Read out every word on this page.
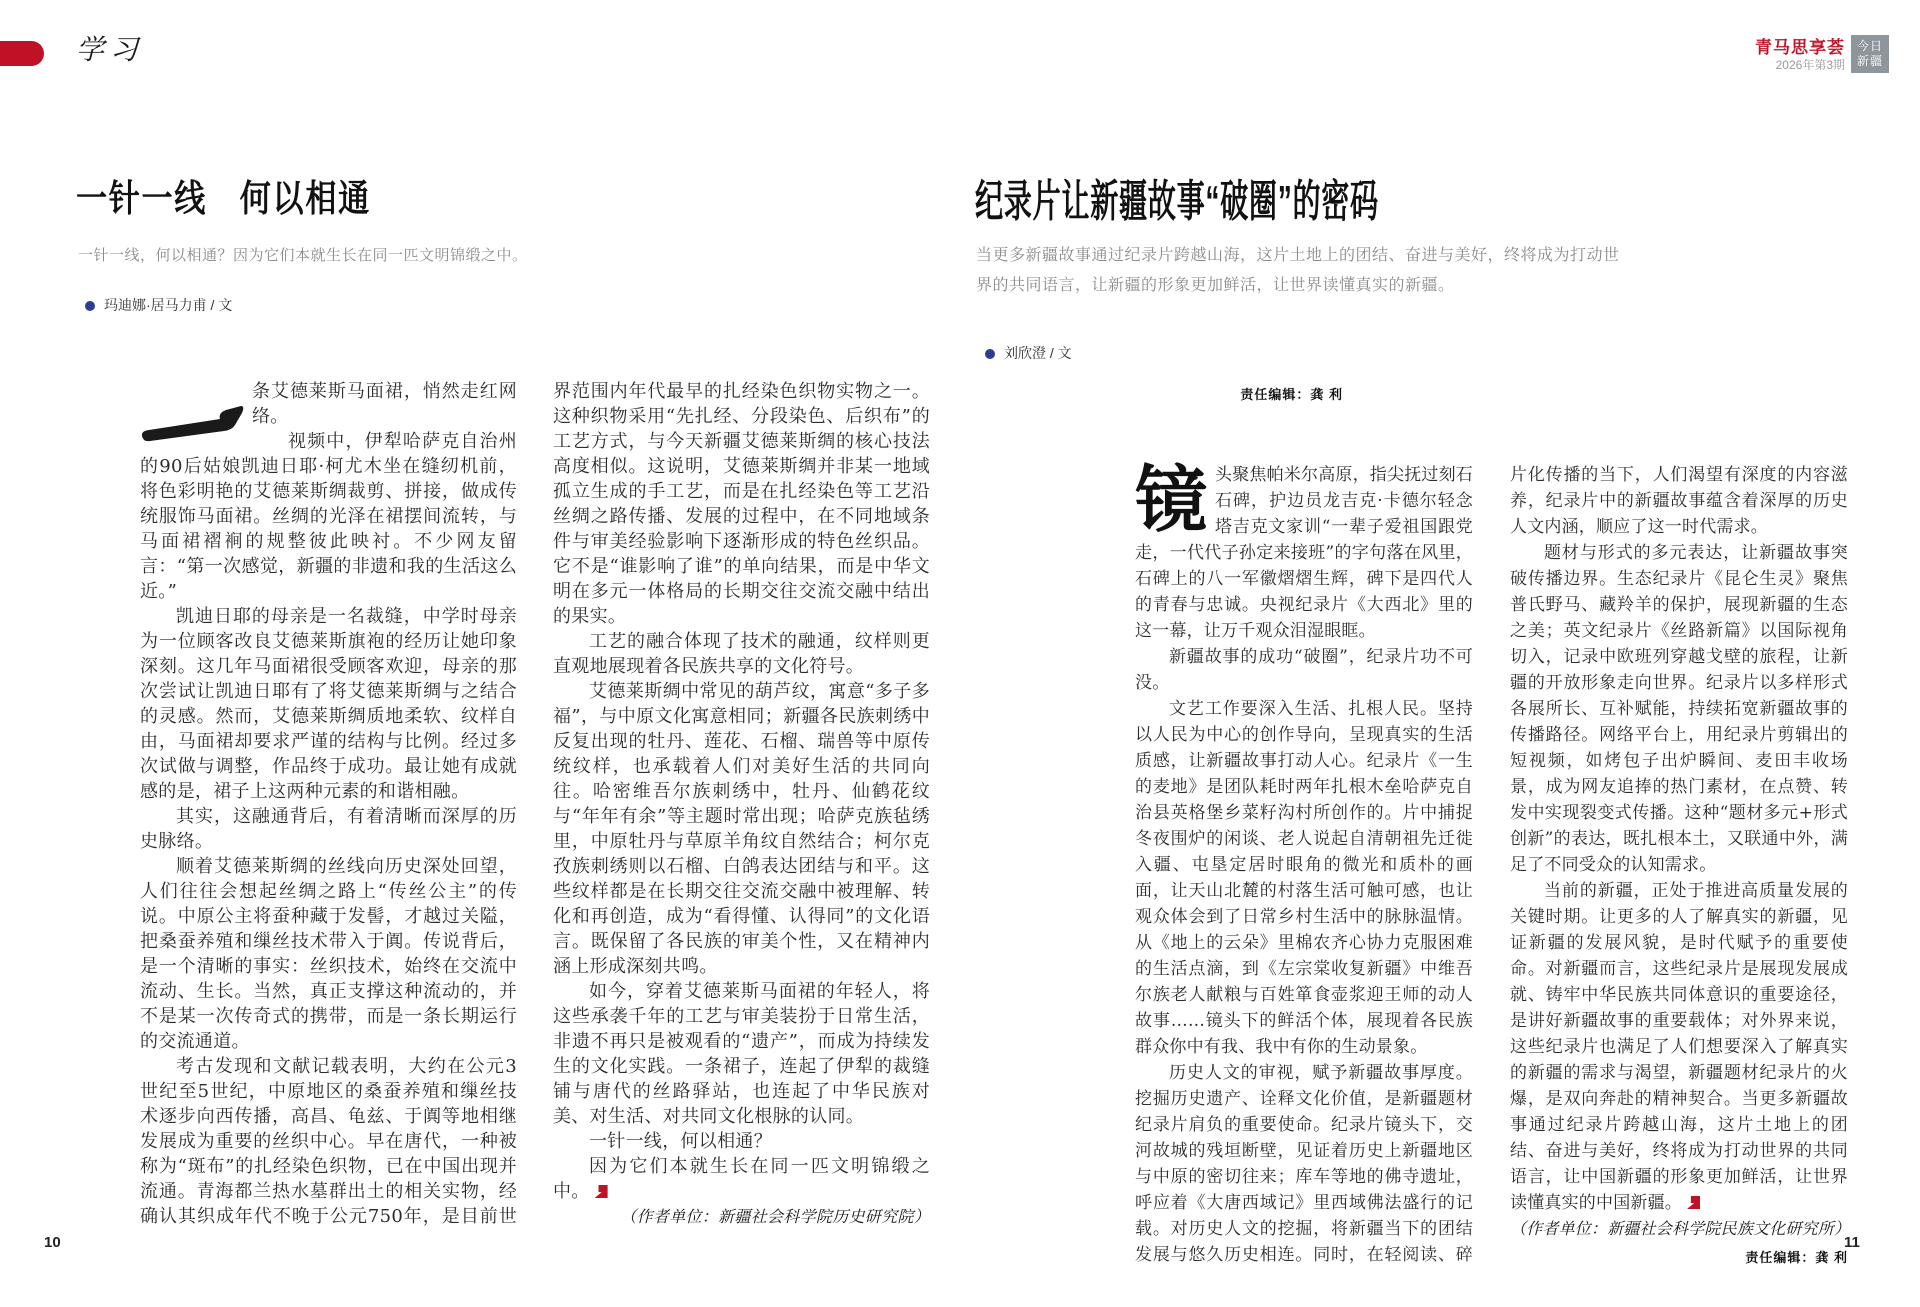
学习	青马思享荟
2026年第3期
今日
新疆
一针一线　何以相通
一针一线，何以相通？因为它们本就生长在同一匹文明锦缎之中。
玛迪娜·居马力甫 / 文

条艾德莱斯马面裙，悄然走红网络。

视频中，伊犁哈萨克自治州的90后姑娘凯迪日耶·柯尤木坐在缝纫机前，将色彩明艳的艾德莱斯绸裁剪、拼接，做成传统服饰马面裙。丝绸的光泽在裙摆间流转，与马面裙褶裥的规整彼此映衬。不少网友留言：“第一次感觉，新疆的非遗和我的生活这么近。”

凯迪日耶的母亲是一名裁缝，中学时母亲为一位顾客改良艾德莱斯旗袍的经历让她印象深刻。这几年马面裙很受顾客欢迎，母亲的那次尝试让凯迪日耶有了将艾德莱斯绸与之结合的灵感。然而，艾德莱斯绸质地柔软、纹样自由，马面裙却要求严谨的结构与比例。经过多次试做与调整，作品终于成功。最让她有成就感的是，裙子上这两种元素的和谐相融。

其实，这融通背后，有着清晰而深厚的历史脉络。

顺着艾德莱斯绸的丝线向历史深处回望，人们往往会想起丝绸之路上“传丝公主”的传说。中原公主将蚕种藏于发髻，才越过关隘，把桑蚕养殖和缫丝技术带入于阗。传说背后，是一个清晰的事实：丝织技术，始终在交流中流动、生长。当然，真正支撑这种流动的，并不是某一次传奇式的携带，而是一条长期运行的交流通道。

考古发现和文献记载表明，大约在公元3世纪至5世纪，中原地区的桑蚕养殖和缫丝技术逐步向西传播，高昌、龟兹、于阗等地相继发展成为重要的丝织中心。早在唐代，一种被称为“斑布”的扎经染色织物，已在中国出现并流通。青海都兰热水墓群出土的相关实物，经确认其织成年代不晚于公元750年，是目前世界范围内年代最早的扎经染色织物实物之一。这种织物采用“先扎经、分段染色、后织布”的工艺方式，与今天新疆艾德莱斯绸的核心技法高度相似。这说明，艾德莱斯绸并非某一地域孤立生成的手工艺，而是在扎经染色等工艺沿丝绸之路传播、发展的过程中，在不同地域条件与审美经验影响下逐渐形成的特色丝织品。它不是“谁影响了谁”的单向结果，而是中华文明在多元一体格局的长期交往交流交融中结出的果实。

工艺的融合体现了技术的融通，纹样则更直观地展现着各民族共享的文化符号。

艾德莱斯绸中常见的葫芦纹，寓意“多子多福”，与中原文化寓意相同；新疆各民族刺绣中反复出现的牡丹、莲花、石榴、瑞兽等中原传统纹样，也承载着人们对美好生活的共同向往。哈密维吾尔族刺绣中，牡丹、仙鹤花纹与“年年有余”等主题时常出现；哈萨克族毡绣里，中原牡丹与草原羊角纹自然结合；柯尔克孜族刺绣则以石榴、白鸽表达团结与和平。这些纹样都是在长期交往交流交融中被理解、转化和再创造，成为“看得懂、认得同”的文化语言。既保留了各民族的审美个性，又在精神内涵上形成深刻共鸣。

如今，穿着艾德莱斯马面裙的年轻人，将这些承袭千年的工艺与审美装扮于日常生活，非遗不再只是被观看的“遗产”，而成为持续发生的文化实践。一条裙子，连起了伊犁的裁缝铺与唐代的丝路驿站，也连起了中华民族对美、对生活、对共同文化根脉的认同。

一针一线，何以相通？

因为它们本就生长在同一匹文明锦缎之中。

（作者单位：新疆社会科学院历史研究院）

责任编辑：龚 利

纪录片让新疆故事“破圈”的密码
当更多新疆故事通过纪录片跨越山海，这片土地上的团结、奋进与美好，终将成为打动世界的共同语言，让新疆的形象更加鲜活，让世界读懂真实的新疆。
刘欣澄 / 文

镜 头聚焦帕米尔高原，指尖抚过刻石石碑，护边员龙吉克·卡德尔轻念塔吉克文家训“一辈子爱祖国跟党走，一代代子孙定来接班”的字句落在风里，石碑上的八一军徽熠熠生辉，碑下是四代人的青春与忠诚。央视纪录片《大西北》里的这一幕，让万千观众泪湿眼眶。

新疆故事的成功“破圈”，纪录片功不可没。

文艺工作要深入生活、扎根人民。坚持以人民为中心的创作导向，呈现真实的生活质感，让新疆故事打动人心。纪录片《一生的麦地》是团队耗时两年扎根木垒哈萨克自治县英格堡乡菜籽沟村所创作的。片中捕捉冬夜围炉的闲谈、老人说起自清朝祖先迁徙入疆、屯垦定居时眼角的微光和质朴的画面，让天山北麓的村落生活可触可感，也让观众体会到了日常乡村生活中的脉脉温情。从《地上的云朵》里棉农齐心协力克服困难的生活点滴，到《左宗棠收复新疆》中维吾尔族老人献粮与百姓箪食壶浆迎王师的动人故事……镜头下的鲜活个体，展现着各民族群众你中有我、我中有你的生动景象。

历史人文的审视，赋予新疆故事厚度。挖掘历史遗产、诠释文化价值，是新疆题材纪录片肩负的重要使命。纪录片镜头下，交河故城的残垣断壁，见证着历史上新疆地区与中原的密切往来；库车等地的佛寺遗址，呼应着《大唐西域记》里西域佛法盛行的记载。对历史人文的挖掘，将新疆当下的团结发展与悠久历史相连。同时，在轻阅读、碎片化传播的当下，人们渴望有深度的内容滋养，纪录片中的新疆故事蕴含着深厚的历史人文内涵，顺应了这一时代需求。

题材与形式的多元表达，让新疆故事突破传播边界。生态纪录片《昆仑生灵》聚焦普氏野马、藏羚羊的保护，展现新疆的生态之美；英文纪录片《丝路新篇》以国际视角切入，记录中欧班列穿越戈壁的旅程，让新疆的开放形象走向世界。纪录片以多样形式各展所长、互补赋能，持续拓宽新疆故事的传播路径。网络平台上，用纪录片剪辑出的短视频，如烤包子出炉瞬间、麦田丰收场景，成为网友追捧的热门素材，在点赞、转发中实现裂变式传播。这种“题材多元+形式创新”的表达，既扎根本土，又联通中外，满足了不同受众的认知需求。

当前的新疆，正处于推进高质量发展的关键时期。让更多的人了解真实的新疆，见证新疆的发展风貌，是时代赋予的重要使命。对新疆而言，这些纪录片是展现发展成就、铸牢中华民族共同体意识的重要途径，是讲好新疆故事的重要载体；对外界来说，这些纪录片也满足了人们想要深入了解真实的新疆的需求与渴望，新疆题材纪录片的火爆，是双向奔赴的精神契合。当更多新疆故事通过纪录片跨越山海，这片土地上的团结、奋进与美好，终将成为打动世界的共同语言，让中国新疆的形象更加鲜活，让世界读懂真实的中国新疆。

（作者单位：新疆社会科学院民族文化研究所）

责任编辑：龚 利

10	11
